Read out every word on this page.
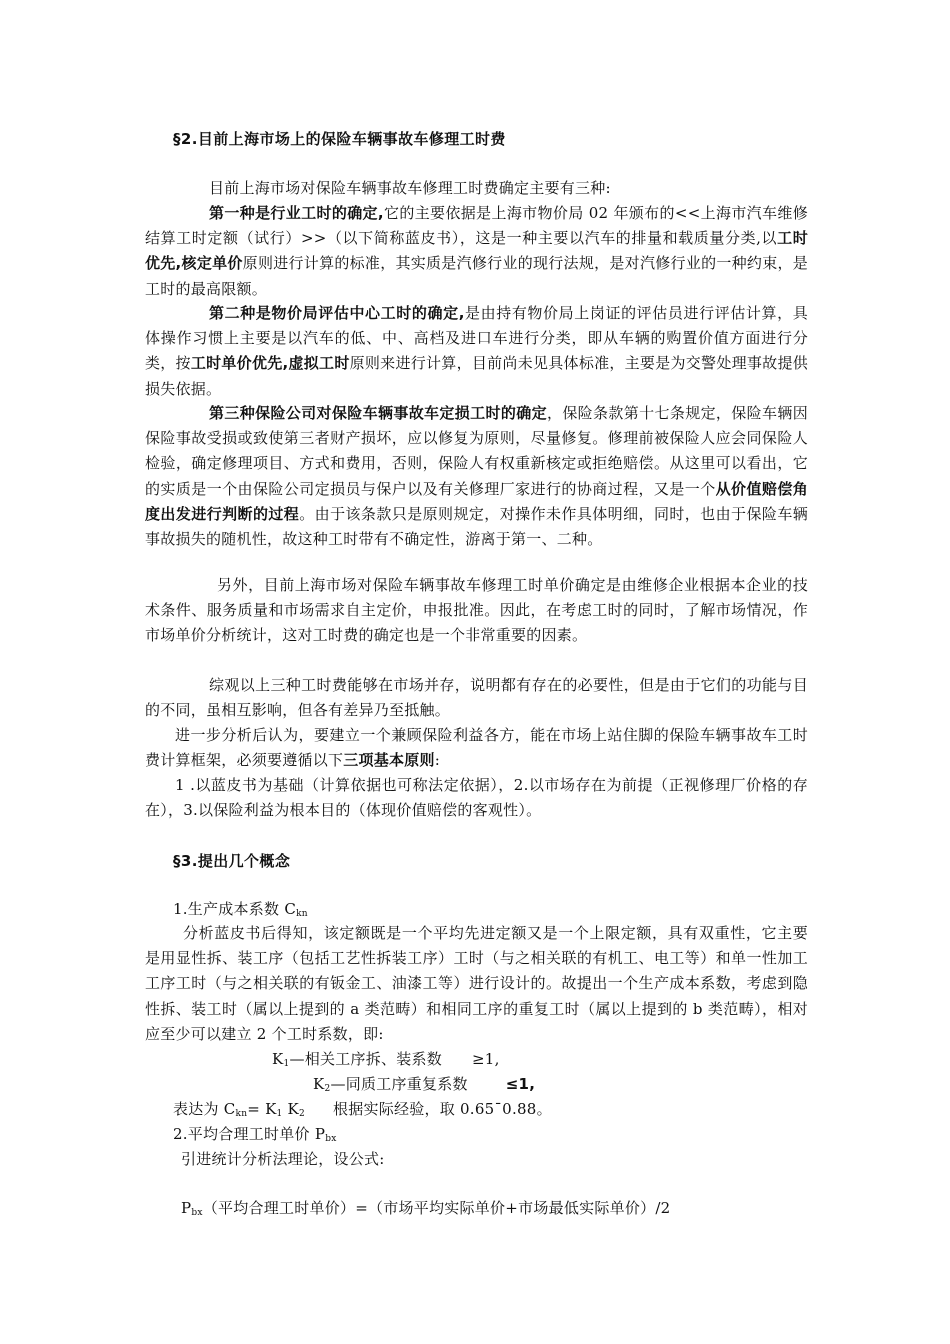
§2.目前上海市场上的保险车辆事故车修理工时费

目前上海市场对保险车辆事故车修理工时费确定主要有三种:

第一种是行业工时的确定,它的主要依据是上海市物价局 02 年颁布的<<上海市汽车维修结算工时定额（试行）>>（以下简称蓝皮书），这是一种主要以汽车的排量和载质量分类,以工时优先,核定单价原则进行计算的标准，其实质是汽修行业的现行法规，是对汽修行业的一种约束，是工时的最高限额。

第二种是物价局评估中心工时的确定,是由持有物价局上岗证的评估员进行评估计算，具体操作习惯上主要是以汽车的低、中、高档及进口车进行分类，即从车辆的购置价值方面进行分类，按工时单价优先,虚拟工时原则来进行计算，目前尚未见具体标准，主要是为交警处理事故提供损失依据。

第三种保险公司对保险车辆事故车定损工时的确定，保险条款第十七条规定，保险车辆因保险事故受损或致使第三者财产损坏，应以修复为原则，尽量修复。修理前被保险人应会同保险人检验，确定修理项目、方式和费用，否则，保险人有权重新核定或拒绝赔偿。从这里可以看出，它的实质是一个由保险公司定损员与保户以及有关修理厂家进行的协商过程，又是一个从价值赔偿角度出发进行判断的过程。由于该条款只是原则规定，对操作未作具体明细，同时，也由于保险车辆事故损失的随机性，故这种工时带有不确定性，游离于第一、二种。

另外，目前上海市场对保险车辆事故车修理工时单价确定是由维修企业根据本企业的技术条件、服务质量和市场需求自主定价，申报批准。因此，在考虑工时的同时，了解市场情况，作市场单价分析统计，这对工时费的确定也是一个非常重要的因素。

综观以上三种工时费能够在市场并存，说明都有存在的必要性，但是由于它们的功能与目的不同，虽相互影响，但各有差异乃至抵触。

进一步分析后认为，要建立一个兼顾保险利益各方，能在市场上站住脚的保险车辆事故车工时费计算框架，必须要遵循以下三项基本原则:

1 .以蓝皮书为基础（计算依据也可称法定依据），2.以市场存在为前提（正视修理厂价格的存在），3.以保险利益为根本目的（体现价值赔偿的客观性）。

§3.提出几个概念
1.生产成本系数 $C_{kn}$

分析蓝皮书后得知，该定额既是一个平均先进定额又是一个上限定额，具有双重性，它主要是用显性拆、装工序（包括工艺性拆装工序）工时（与之相关联的有机工、电工等）和单一性加工工序工时（与之相关联的有钣金工、油漆工等）进行设计的。故提出一个生产成本系数，考虑到隐性拆、装工时（属以上提到的 a 类范畴）和相同工序的重复工时（属以上提到的 b 类范畴），相对应至少可以建立 2 个工时系数，即:

$K_1—$相关工序拆、装系数 ≥1,
$K_2—$同质工序重复系数	≤1,
表达为 $C_{kn}= K_1$ $K_2$ 根据实际经验，取 0.65¯0.88。
2.平均合理工时单价 $P_{bx}$
引进统计分析法理论，设公式:
$P_{bx}$（平均合理工时单价）=（市场平均实际单价+市场最低实际单价）/2
